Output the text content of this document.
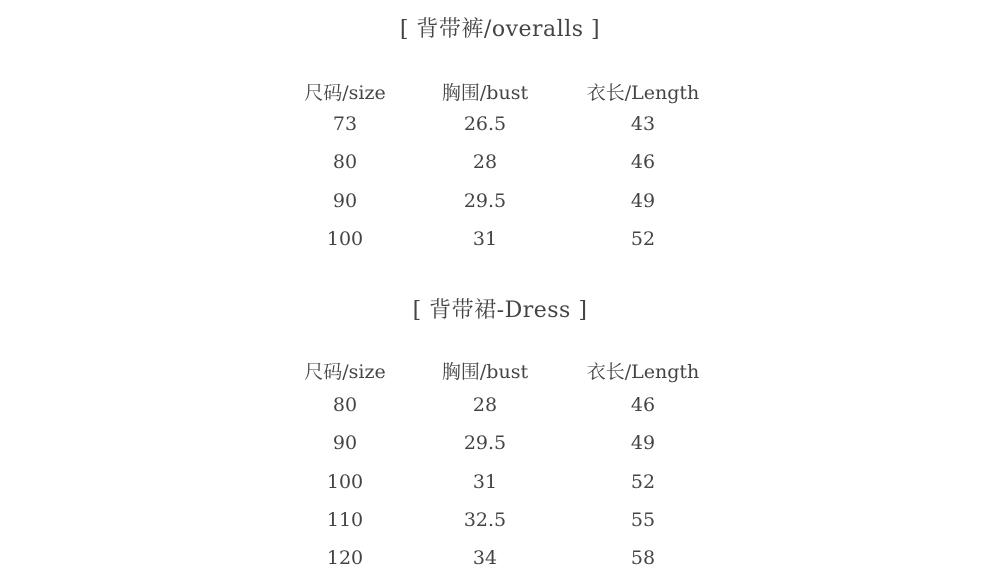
[ 背带裤/overalls ]
尺码/size	胸围/bust	衣长/Length
73	26.5	43
80	28	46
90	29.5	49
100	31	52
[ 背带裙-Dress ]
尺码/size	胸围/bust	衣长/Length
80	28	46
90	29.5	49
100	31	52
110	32.5	55
120	34	58
